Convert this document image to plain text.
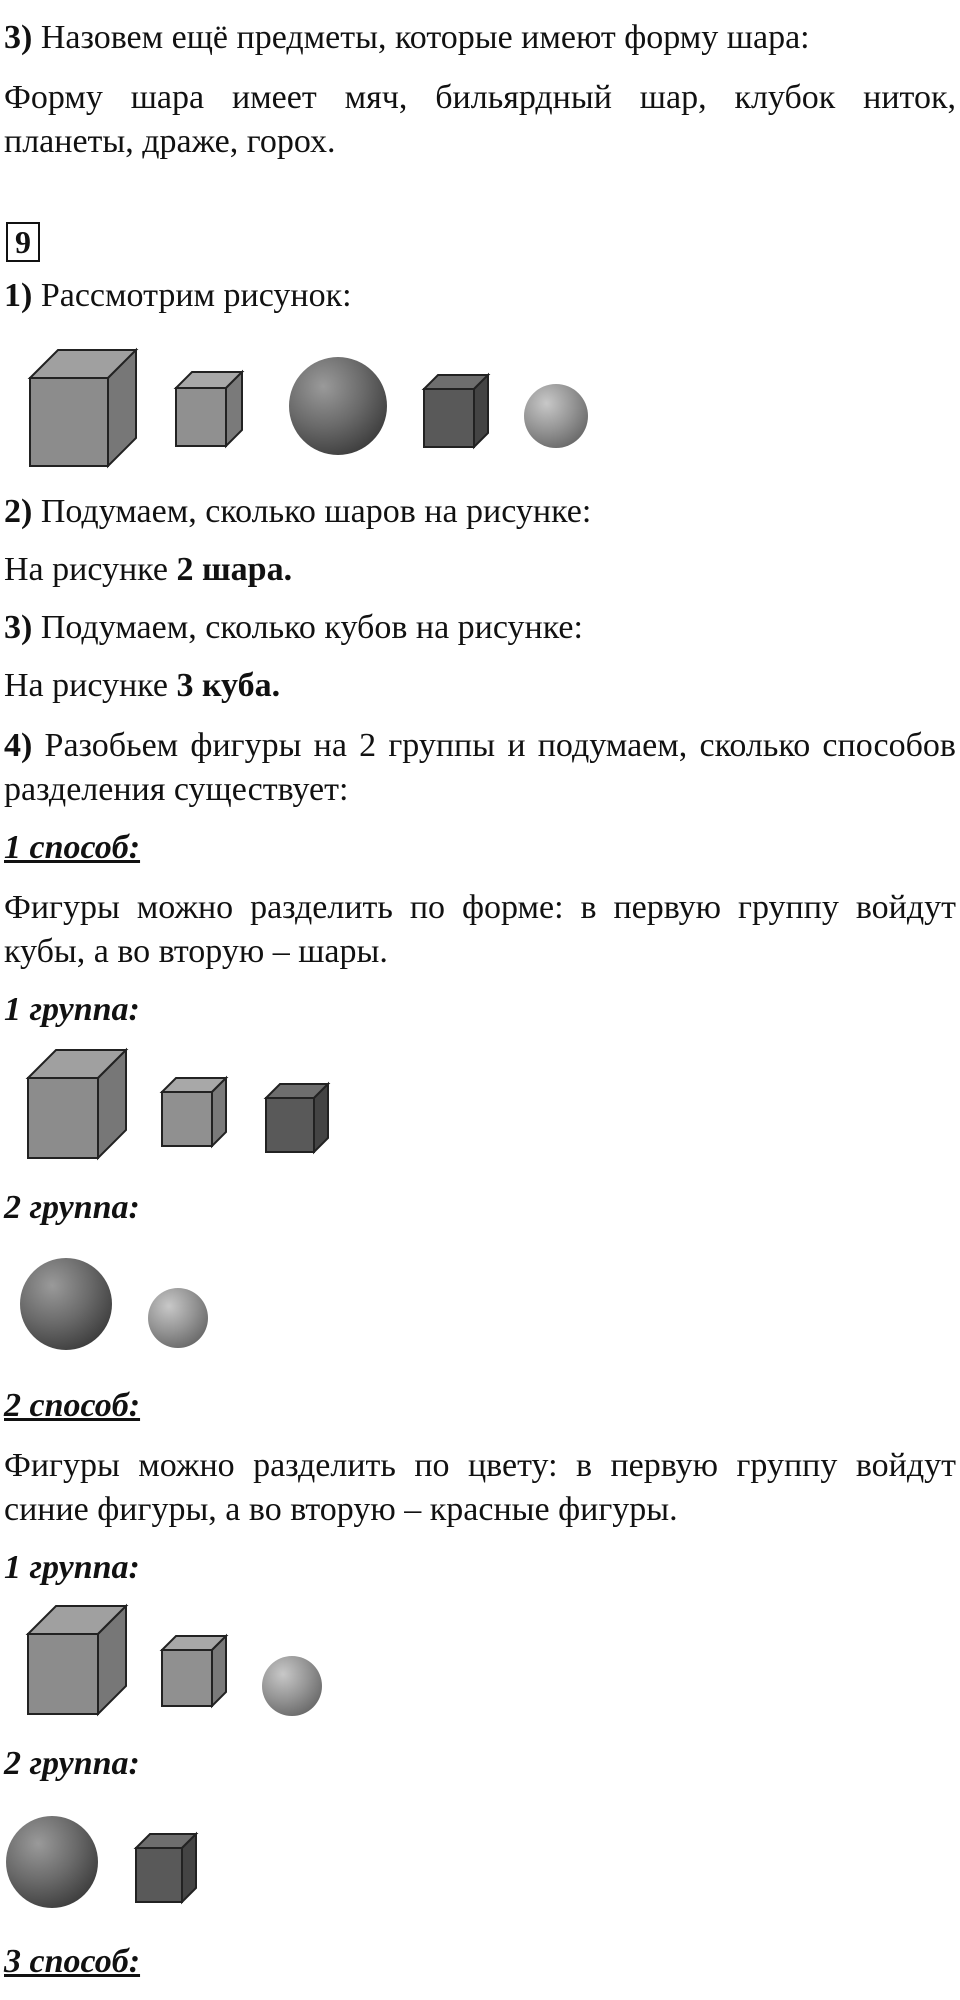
3) Назовем ещё предметы, которые имеют форму шара:

Форму шара имеет мяч, бильярдный шар, клубок ниток,

планеты, драже, горох.

9

1) Рассмотрим рисунок:

2) Подумаем, сколько шаров на рисунке:

На рисунке 2 шара.

3) Подумаем, сколько кубов на рисунке:

На рисунке 3 куба.

4) Разобьем фигуры на 2 группы и подумаем, сколько способов

разделения существует:

1 способ:

Фигуры можно разделить по форме: в первую группу войдут

кубы, а во вторую – шары.

1 группа:

2 группа:

2 способ:

Фигуры можно разделить по цвету: в первую группу войдут

синие фигуры, а во вторую – красные фигуры.

1 группа:

2 группа:

3 способ:
